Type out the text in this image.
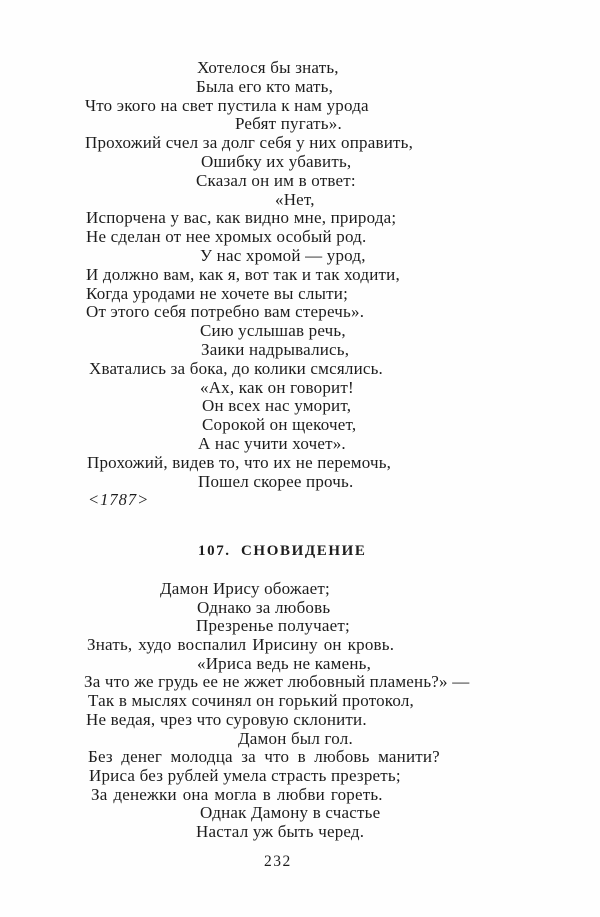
Хотелося бы знать,
Была его кто мать,
Что экого на свет пустила к нам урода
Ребят пугать».
Прохожий счел за долг себя у них оправить,
Ошибку их убавить,
Сказал он им в ответ:
«Нет,
Испорчена у вас, как видно мне, природа;
Не сделан от нее хромых особый род.
У нас хромой — урод,
И должно вам, как я, вот так и так ходити,
Когда уродами не хочете вы слыти;
От этого себя потребно вам стеречь».
Сию услышав речь,
Заики надрывались,
Хватались за бока, до колики смсялись.
«Ах, как он говорит!
Он всех нас уморит,
Сорокой он щекочет,
А нас учити хочет».
Прохожий, видев то, что их не перемочь,
Пошел скорее прочь.
<1787>
107. СНОВИДЕНИЕ
Дамон Ирису обожает;
Однако за любовь
Презренье получает;
Знать, худо воспалил Ирисину он кровь.
«Ириса ведь не камень,
За что же грудь ее не жжет любовный пламень?» —
Так в мыслях сочинял он горький протокол,
Не ведая, чрез что суровую склонити.
Дамон был гол.
Без денег молодца за что в любовь манити?
Ириса без рублей умела страсть презреть;
За денежки она могла в любви гореть.
Однак Дамону в счастье
Настал уж быть черед.
232
